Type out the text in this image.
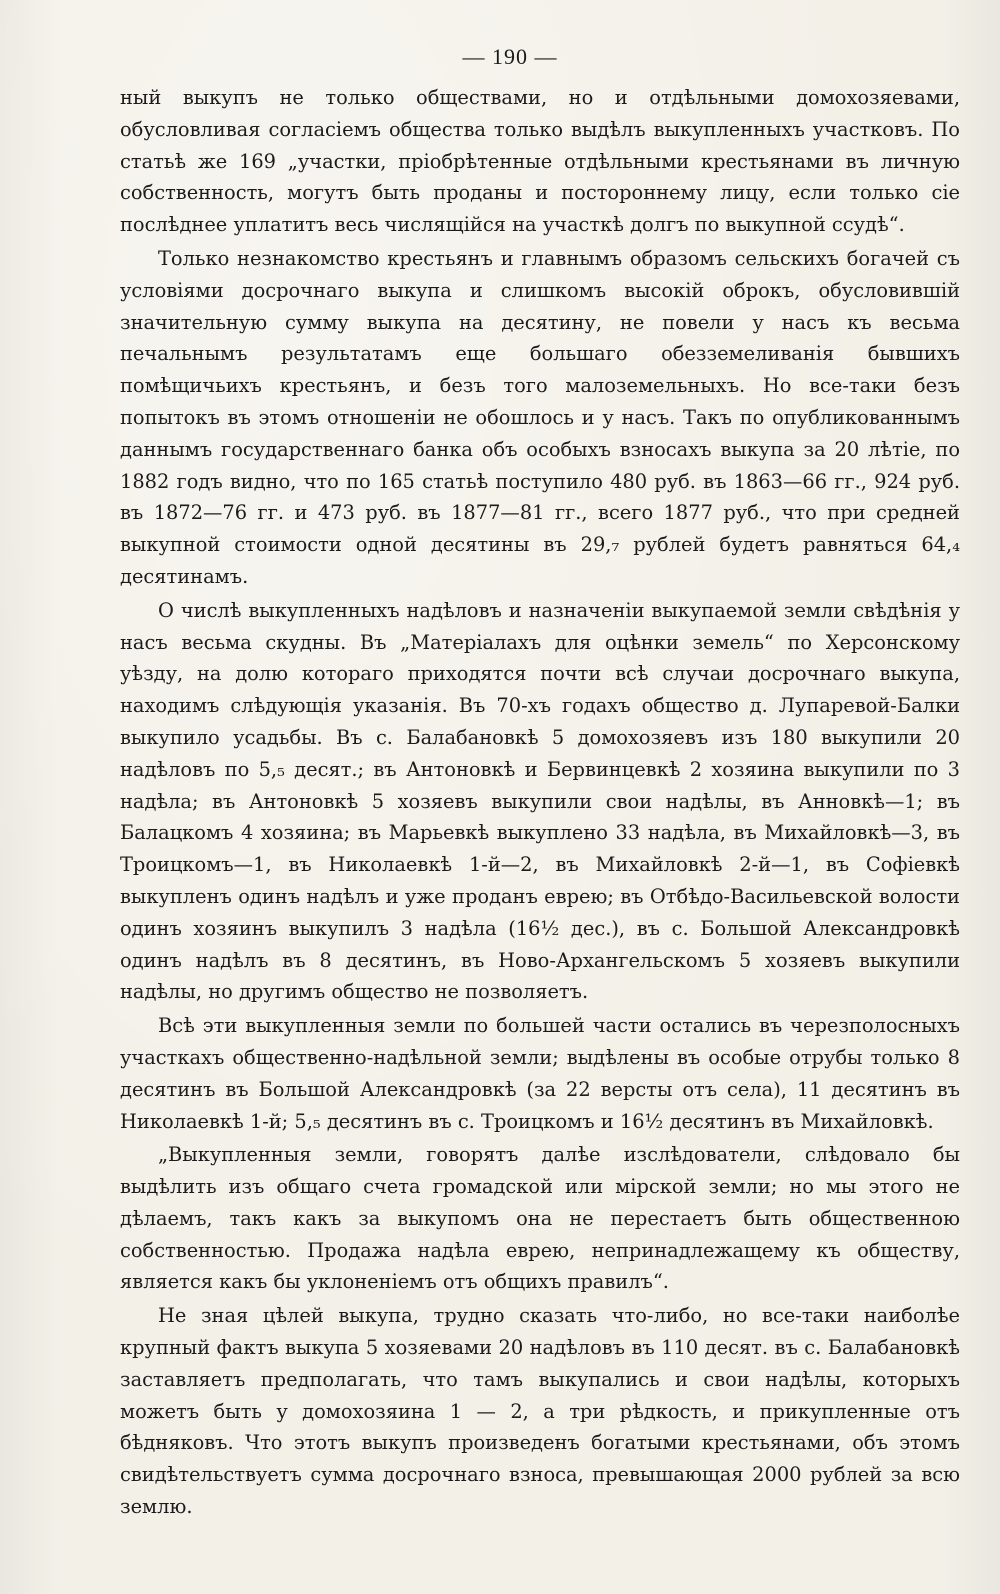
— 190 —

ный выкупъ не только обществами, но и отдѣльными домохозяевами, обусловливая согласіемъ общества только выдѣлъ выкупленныхъ участковъ. По статьѣ же 169 „участки, пріобрѣтенные отдѣльными крестьянами въ личную собственность, могутъ быть проданы и постороннему лицу, если только сіе послѣднее уплатитъ весь числящійся на участкѣ долгъ по выкупной ссудѣ“.

Только незнакомство крестьянъ и главнымъ образомъ сельскихъ богачей съ условіями досрочнаго выкупа и слишкомъ высокій оброкъ, обусловившій значительную сумму выкупа на десятину, не повели у насъ къ весьма печальнымъ результатамъ еще большаго обезземеливанія бывшихъ помѣщичьихъ крестьянъ, и безъ того малоземельныхъ. Но все-таки безъ попытокъ въ этомъ отношеніи не обошлось и у насъ. Такъ по опубликованнымъ даннымъ государственнаго банка объ особыхъ взносахъ выкупа за 20 лѣтіе, по 1882 годъ видно, что по 165 статьѣ поступило 480 руб. въ 1863—66 гг., 924 руб. въ 1872—76 гг. и 473 руб. въ 1877—81 гг., всего 1877 руб., что при средней выкупной стоимости одной десятины въ 29,₇ рублей будетъ равняться 64,₄ десятинамъ.

О числѣ выкупленныхъ надѣловъ и назначеніи выкупаемой земли свѣдѣнія у насъ весьма скудны. Въ „Матеріалахъ для оцѣнки земель“ по Херсонскому уѣзду, на долю котораго приходятся почти всѣ случаи досрочнаго выкупа, находимъ слѣдующія указанія. Въ 70-хъ годахъ общество д. Лупаревой-Балки выкупило усадьбы. Въ с. Балабановкѣ 5 домохозяевъ изъ 180 выкупили 20 надѣловъ по 5,₅ десят.; въ Антоновкѣ и Бервинцевкѣ 2 хозяина выкупили по 3 надѣла; въ Антоновкѣ 5 хозяевъ выкупили свои надѣлы, въ Анновкѣ—1; въ Балацкомъ 4 хозяина; въ Марьевкѣ выкуплено 33 надѣла, въ Михайловкѣ—3, въ Троицкомъ—1, въ Николаевкѣ 1-й—2, въ Михайловкѣ 2-й—1, въ Софіевкѣ выкупленъ одинъ надѣлъ и уже проданъ еврею; въ Отбѣдо-Васильевской волости одинъ хозяинъ выкупилъ 3 надѣла (16½ дес.), въ с. Большой Александровкѣ одинъ надѣлъ въ 8 десятинъ, въ Ново-Архангельскомъ 5 хозяевъ выкупили надѣлы, но другимъ общество не позволяетъ.

Всѣ эти выкупленныя земли по большей части остались въ черезполосныхъ участкахъ общественно-надѣльной земли; выдѣлены въ особые отрубы только 8 десятинъ въ Большой Александровкѣ (за 22 версты отъ села), 11 десятинъ въ Николаевкѣ 1-й; 5,₅ десятинъ въ с. Троицкомъ и 16½ десятинъ въ Михайловкѣ.

„Выкупленныя земли, говорятъ далѣе изслѣдователи, слѣдовало бы выдѣлить изъ общаго счета громадской или мірской земли; но мы этого не дѣлаемъ, такъ какъ за выкупомъ она не перестаетъ быть общественною собственностью. Продажа надѣла еврею, непринадлежащему къ обществу, является какъ бы уклоненіемъ отъ общихъ правилъ“.

Не зная цѣлей выкупа, трудно сказать что-либо, но все-таки наиболѣе крупный фактъ выкупа 5 хозяевами 20 надѣловъ въ 110 десят. въ с. Балабановкѣ заставляетъ предполагать, что тамъ выкупались и свои надѣлы, которыхъ можетъ быть у домохозяина 1 — 2, а три рѣдкость, и прикупленные отъ бѣдняковъ. Что этотъ выкупъ произведенъ богатыми крестьянами, объ этомъ свидѣтельствуетъ сумма досрочнаго взноса, превышающая 2000 рублей за всю землю.
